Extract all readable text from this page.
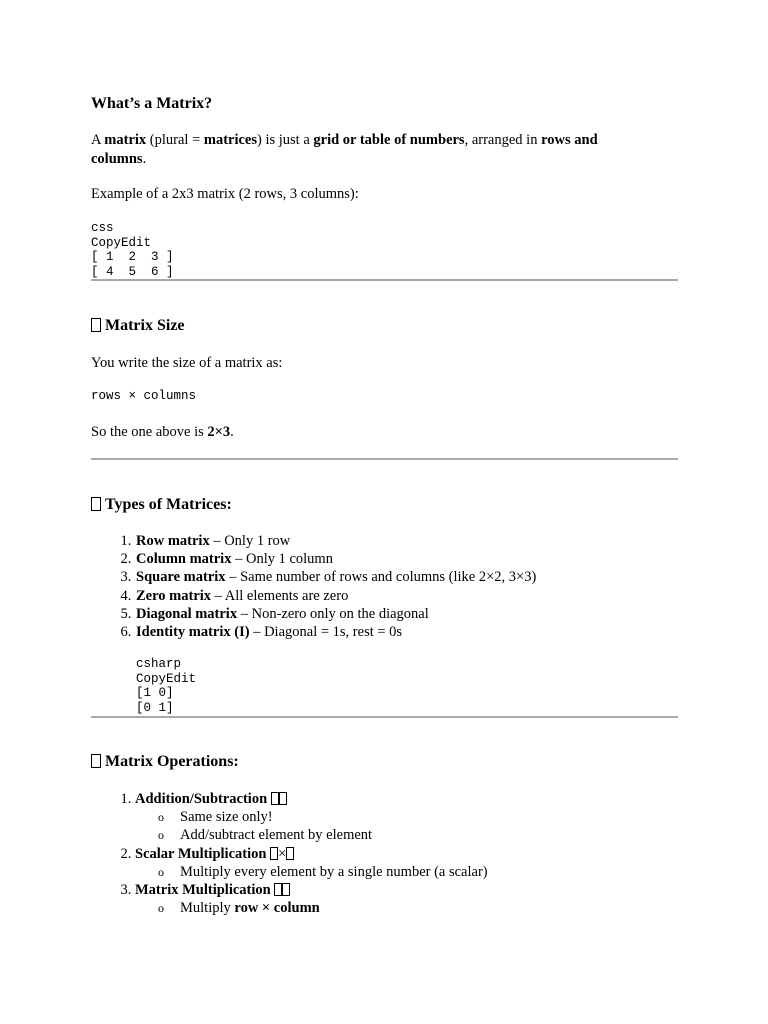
What’s a Matrix?

A matrix (plural = matrices) is just a grid or table of numbers, arranged in rows and columns.

Example of a 2x3 matrix (2 rows, 3 columns):

css
CopyEdit
[ 1  2  3 ]
[ 4  5  6 ]
Matrix Size

You write the size of a matrix as:

rows × columns

So the one above is 2×3.

Types of Matrices:
1. Row matrix – Only 1 row
2. Column matrix – Only 1 column
3. Square matrix – Same number of rows and columns (like 2×2, 3×3)
4. Zero matrix – All elements are zero
5. Diagonal matrix – Non-zero only on the diagonal
6. Identity matrix (I) – Diagonal = 1s, rest = 0s
csharp
CopyEdit
[1 0]
[0 1]
Matrix Operations:
1. Addition/Subtraction
o Same size only!
o Add/subtract element by element
2. Scalar Multiplication ×
o Multiply every element by a single number (a scalar)
3. Matrix Multiplication
o Multiply row × column
